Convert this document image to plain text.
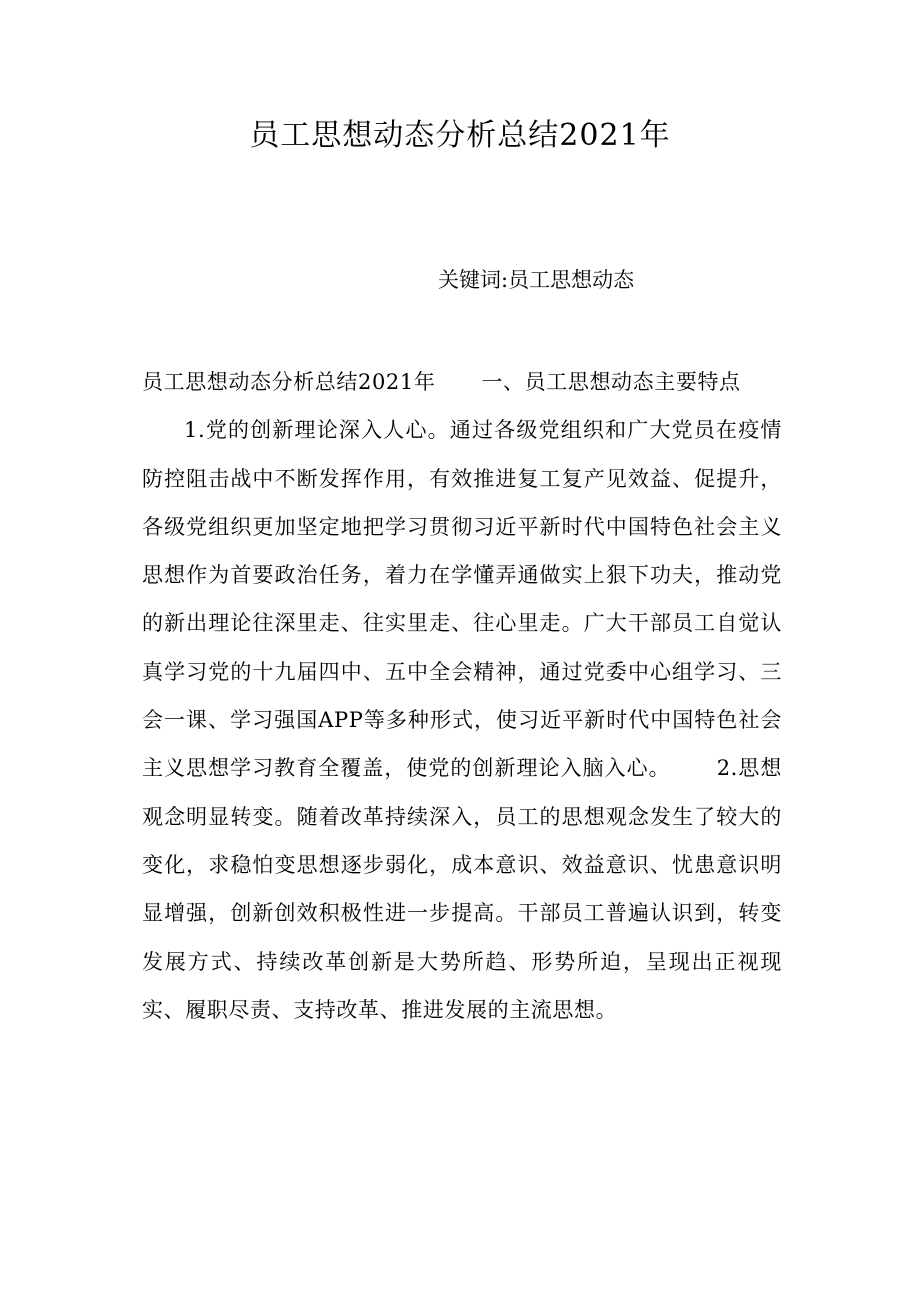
员工思想动态分析总结2021年
关键词:员工思想动态

员工思想动态分析总结2021年 一、员工思想动态主要特点

1.党的创新理论深入人心。通过各级党组织和广大党员在疫情防控阻击战中不断发挥作用，有效推进复工复产见效益、促提升，各级党组织更加坚定地把学习贯彻习近平新时代中国特色社会主义思想作为首要政治任务，着力在学懂弄通做实上狠下功夫，推动党的新出理论往深里走、往实里走、往心里走。广大干部员工自觉认真学习党的十九届四中、五中全会精神，通过党委中心组学习、三会一课、学习强国APP等多种形式，使习近平新时代中国特色社会主义思想学习教育全覆盖，使党的创新理论入脑入心。 2.思想观念明显转变。随着改革持续深入，员工的思想观念发生了较大的变化，求稳怕变思想逐步弱化，成本意识、效益意识、忧患意识明显增强，创新创效积极性进一步提高。干部员工普遍认识到，转变发展方式、持续改革创新是大势所趋、形势所迫，呈现出正视现实、履职尽责、支持改革、推进发展的主流思想。
